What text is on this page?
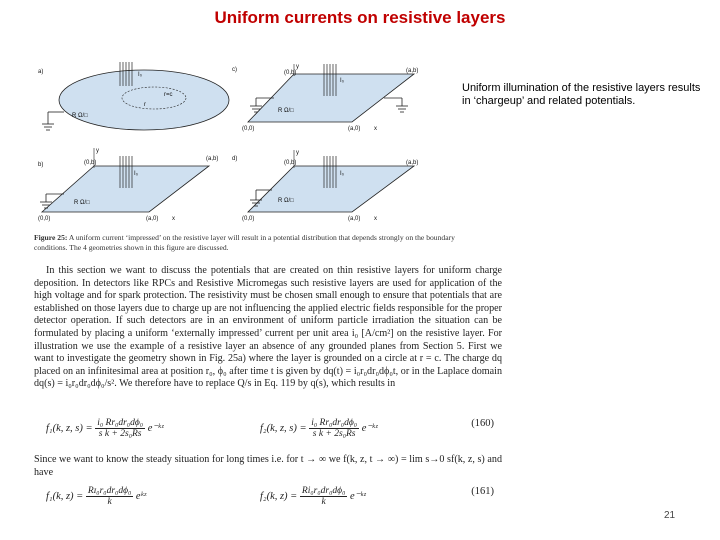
Uniform currents on resistive layers
Uniform illumination of the resistive layers results in ‘chargeup’ and related potentials.
a)	I₀
r=c
r
R Ω/□
b)
y
I₀
(0,b)
(a,b)
(0,0)	(a,0) x
R Ω/□
c)	y
I₀
(0,b)	(a,b)
(0,0)	(a,0) x
R Ω/□
d)
y
I₀
(0,b)	(a,b)
(0,0)	(a,0) x
R Ω/□
Figure 25: A uniform current ‘impressed’ on the resistive layer will result in a potential distribution that depends strongly on the boundary conditions. The 4 geometries shown in this figure are discussed.

In this section we want to discuss the potentials that are created on thin resistive layers for uniform charge deposition. In detectors like RPCs and Resistive Micromegas such resistive layers are used for application of the high voltage and for spark protection. The resistivity must be chosen small enough to ensure that potentials that are established on those layers due to charge up are not influencing the applied electric fields responsible for the proper detector operation. If such detectors are in an environment of uniform particle irradiation the situation can be formulated by placing a uniform ‘externally impressed’ current per unit area i₀ [A/cm²] on the resistive layer. For illustration we use the example of a resistive layer an absence of any grounded planes from Section 5. First we want to investigate the geometry shown in Fig. 25a) where the layer is grounded on a circle at r = c. The charge dq placed on an infinitesimal area at position r₀, ϕ₀ after time t is given by dq(t) = i₀r₀dr₀dϕ₀t, or in the Laplace domain dq(s) = i₀r₀dr₀dϕ₀/s². We therefore have to replace Q/s in Eq. 119 by q(s), which results in

f₁(k, z, $s) = \frac{\text{i₀ Rr₀dr₀dϕ₀}}{\text{s k + 2s₀Rs}}$ e⁻ᵏᶻ	f₂(k, z, $s) = \frac{\text{i₀ Rr₀dr₀dϕ₀}}{\text{s k + 2s₀Rs}}$ e⁻ᵏᶻ	(160)

Since we want to know the steady situation for long times i.e. for t → ∞ we f(k, z, t → ∞) = lim s→0 sf(k, z, s) and have

f₁(k, $z) = \frac{\text{Rɪ₀r₀dr₀dϕ₀}}{k}$ eᵏᶻ	f₂(k, $z) = \frac{\text{Ri₀r₀dr₀dϕ₀}}{k}$ e⁻ᵏᶻ	(161)
21
